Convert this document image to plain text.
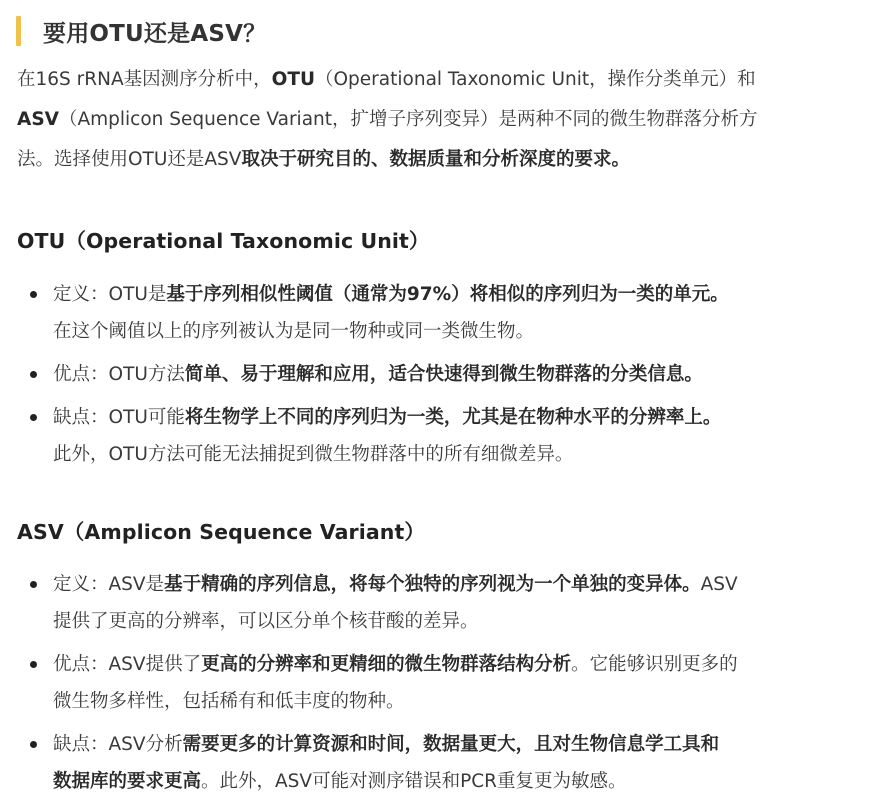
要用OTU还是ASV？

在16S rRNA基因测序分析中，OTU（Operational Taxonomic Unit，操作分类单元）和
ASV（Amplicon Sequence Variant，扩增子序列变异）是两种不同的微生物群落分析方
法。选择使用OTU还是ASV取决于研究目的、数据质量和分析深度的要求。

OTU（Operational Taxonomic Unit）
定义：OTU是基于序列相似性阈值（通常为97%）将相似的序列归为一类的单元。
在这个阈值以上的序列被认为是同一物种或同一类微生物。
优点：OTU方法简单、易于理解和应用，适合快速得到微生物群落的分类信息。
缺点：OTU可能将生物学上不同的序列归为一类，尤其是在物种水平的分辨率上。
此外，OTU方法可能无法捕捉到微生物群落中的所有细微差异。
ASV（Amplicon Sequence Variant）
定义：ASV是基于精确的序列信息，将每个独特的序列视为一个单独的变异体。ASV
提供了更高的分辨率，可以区分单个核苷酸的差异。
优点：ASV提供了更高的分辨率和更精细的微生物群落结构分析。它能够识别更多的
微生物多样性，包括稀有和低丰度的物种。
缺点：ASV分析需要更多的计算资源和时间，数据量更大，且对生物信息学工具和
数据库的要求更高。此外，ASV可能对测序错误和PCR重复更为敏感。
